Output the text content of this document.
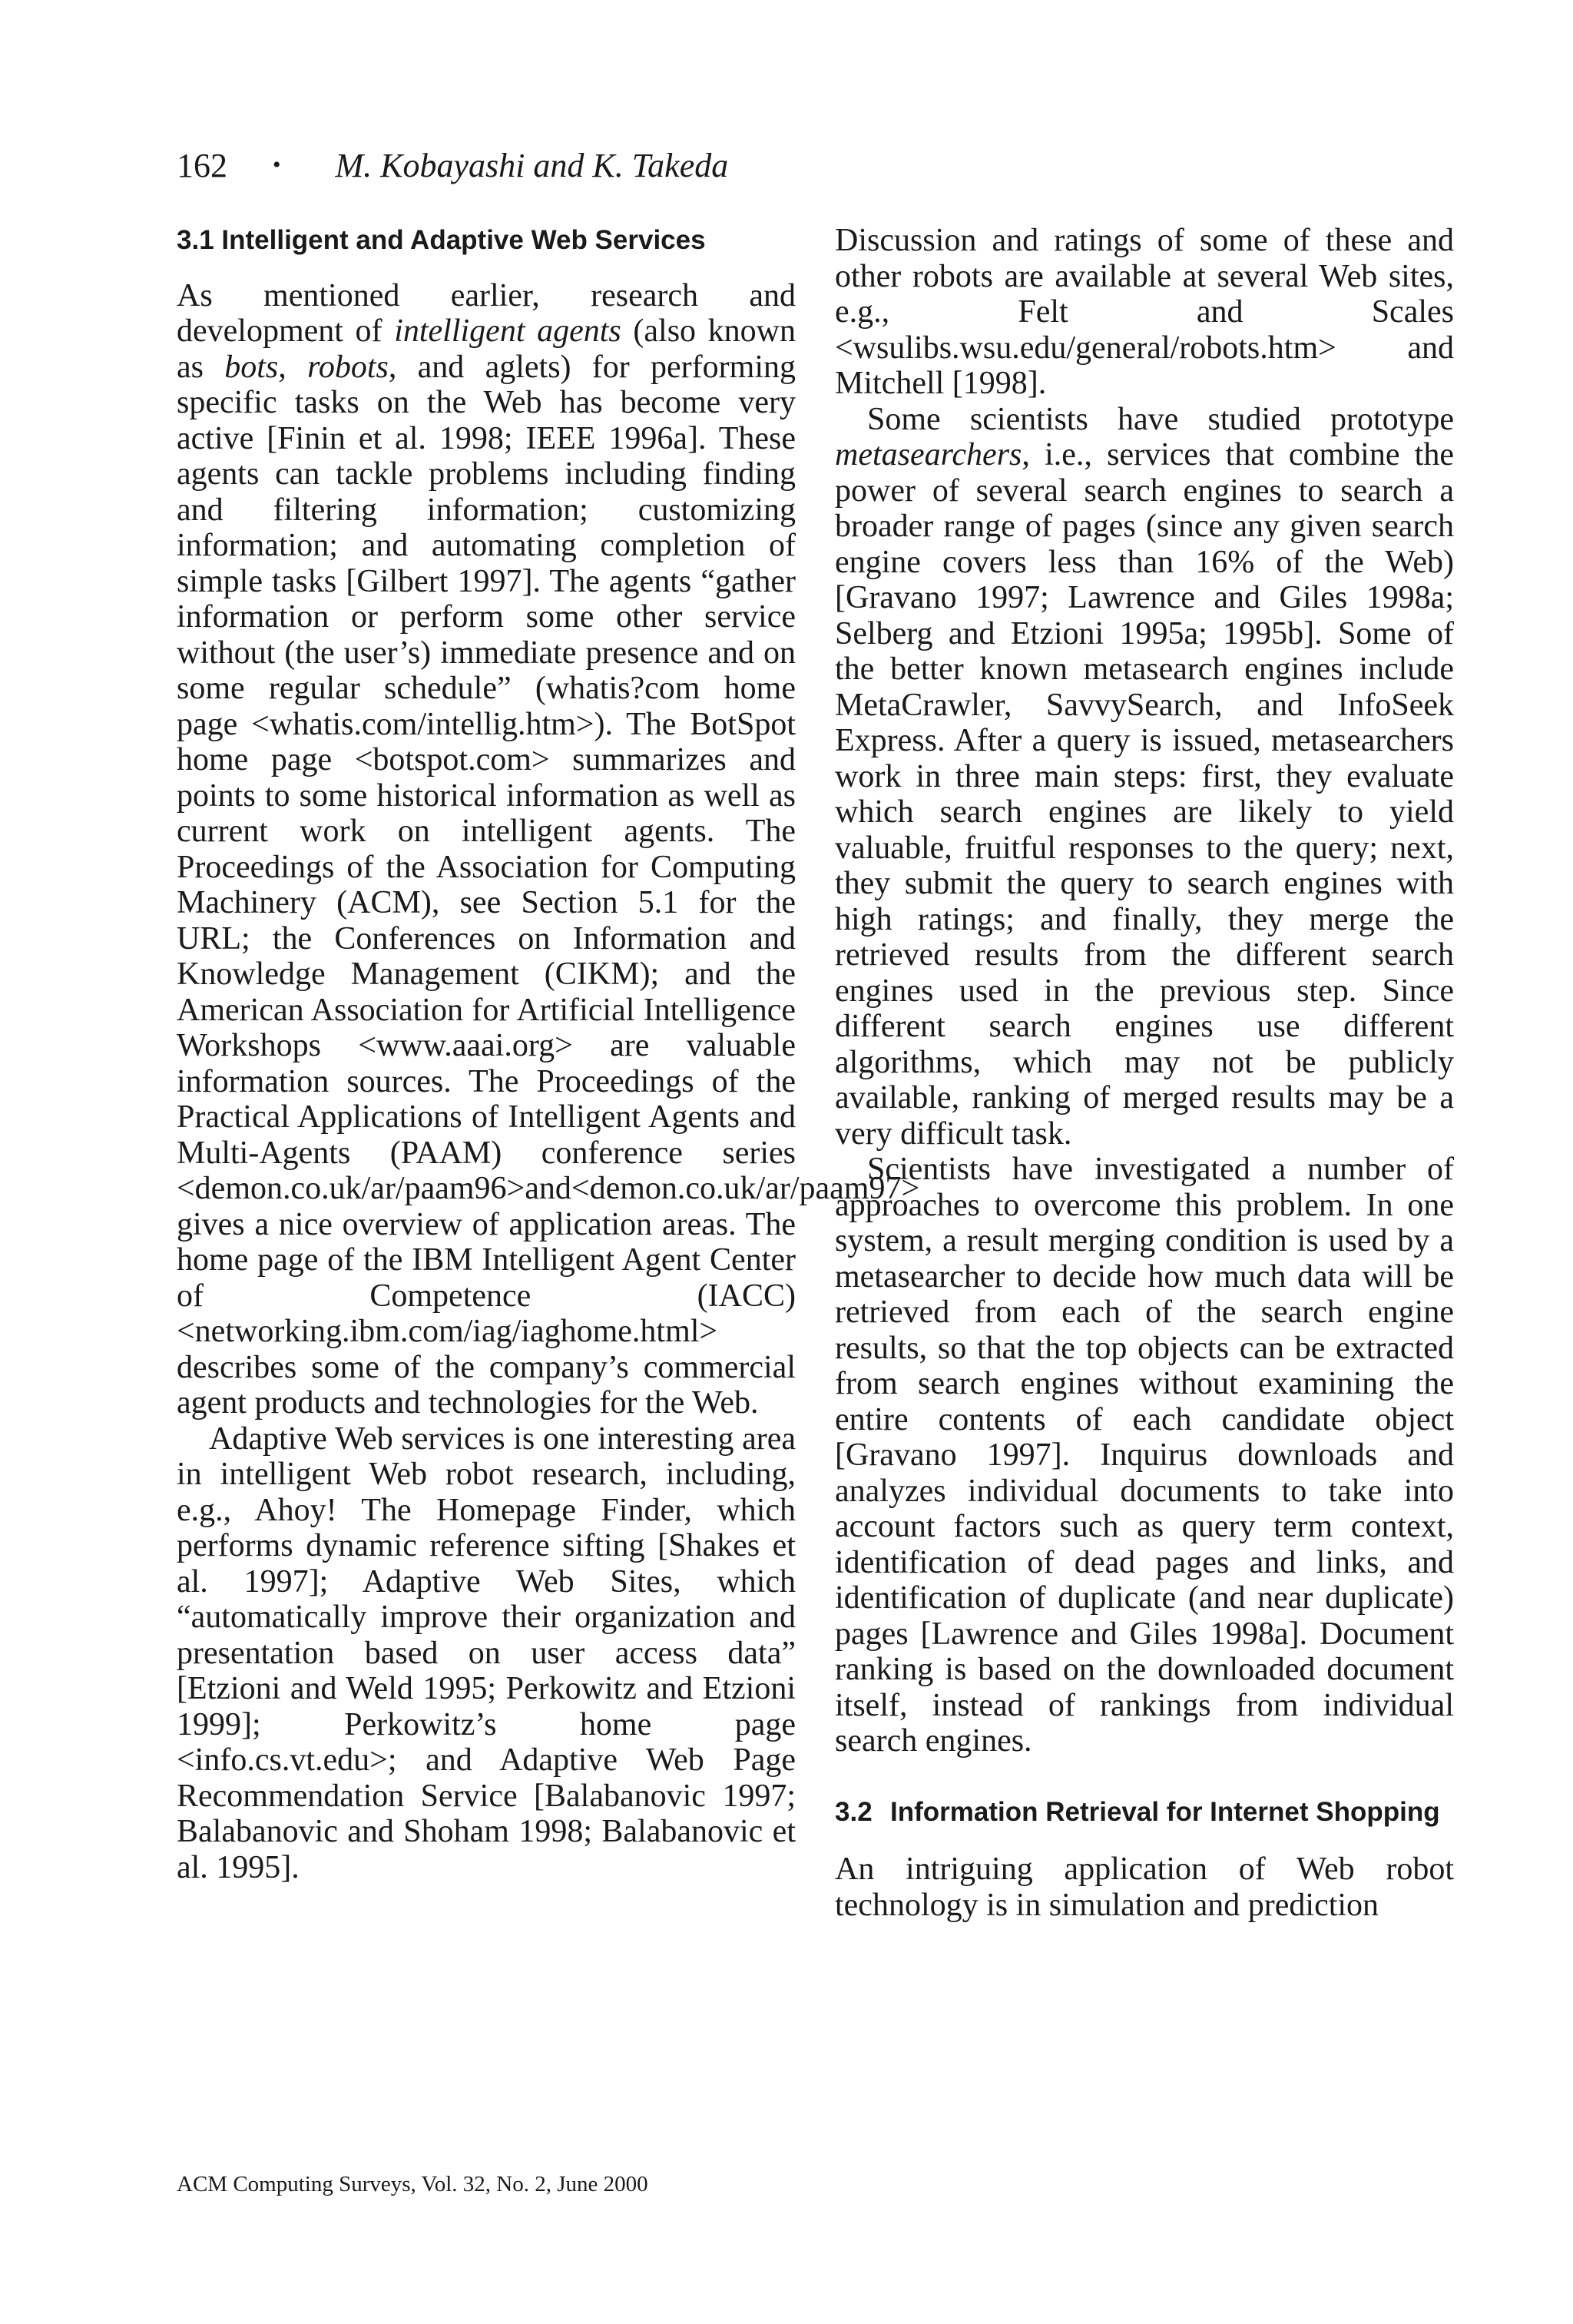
162 • M. Kobayashi and K. Takeda
3.1 Intelligent and Adaptive Web Services

As mentioned earlier, research and development of intelligent agents (also known as bots, robots, and aglets) for performing specific tasks on the Web has become very active [Finin et al. 1998; IEEE 1996a]. These agents can tackle problems including finding and filtering information; customizing information; and automating completion of simple tasks [Gilbert 1997]. The agents “gather information or perform some other service without (the user’s) immediate presence and on some regular schedule” (whatis?com home page <whatis.com/intellig.htm>). The BotSpot home page <botspot.com> summarizes and points to some historical information as well as current work on intelligent agents. The Proceedings of the Association for Computing Machinery (ACM), see Section 5.1 for the URL; the Conferences on Information and Knowledge Management (CIKM); and the American Association for Artificial Intelligence Workshops <www.aaai.org> are valuable information sources. The Proceedings of the Practical Applications of Intelligent Agents and Multi-Agents (PAAM) conference series <demon.co.uk/ar/paam96>and<demon.co.uk/ar/paam97> gives a nice overview of application areas. The home page of the IBM Intelligent Agent Center of Competence (IACC) <networking.ibm.com/iag/iaghome.html> describes some of the company’s commercial agent products and technologies for the Web.

Adaptive Web services is one interesting area in intelligent Web robot research, including, e.g., Ahoy! The Homepage Finder, which performs dynamic reference sifting [Shakes et al. 1997]; Adaptive Web Sites, which “automatically improve their organization and presentation based on user access data” [Etzioni and Weld 1995; Perkowitz and Etzioni 1999]; Perkowitz’s home page <info.cs.vt.edu>; and Adaptive Web Page Recommendation Service [Balabanovic 1997; Balabanovic and Shoham 1998; Balabanovic et al. 1995].

Discussion and ratings of some of these and other robots are available at several Web sites, e.g., Felt and Scales <wsulibs.wsu.edu/general/robots.htm> and Mitchell [1998].

Some scientists have studied prototype metasearchers, i.e., services that combine the power of several search engines to search a broader range of pages (since any given search engine covers less than 16% of the Web) [Gravano 1997; Lawrence and Giles 1998a; Selberg and Etzioni 1995a; 1995b]. Some of the better known metasearch engines include MetaCrawler, SavvySearch, and InfoSeek Express. After a query is issued, metasearchers work in three main steps: first, they evaluate which search engines are likely to yield valuable, fruitful responses to the query; next, they submit the query to search engines with high ratings; and finally, they merge the retrieved results from the different search engines used in the previous step. Since different search engines use different algorithms, which may not be publicly available, ranking of merged results may be a very difficult task.

Scientists have investigated a number of approaches to overcome this problem. In one system, a result merging condition is used by a metasearcher to decide how much data will be retrieved from each of the search engine results, so that the top objects can be extracted from search engines without examining the entire contents of each candidate object [Gravano 1997]. Inquirus downloads and analyzes individual documents to take into account factors such as query term context, identification of dead pages and links, and identification of duplicate (and near duplicate) pages [Lawrence and Giles 1998a]. Document ranking is based on the downloaded document itself, instead of rankings from individual search engines.

3.2 Information Retrieval for Internet Shopping

An intriguing application of Web robot technology is in simulation and prediction

ACM Computing Surveys, Vol. 32, No. 2, June 2000
